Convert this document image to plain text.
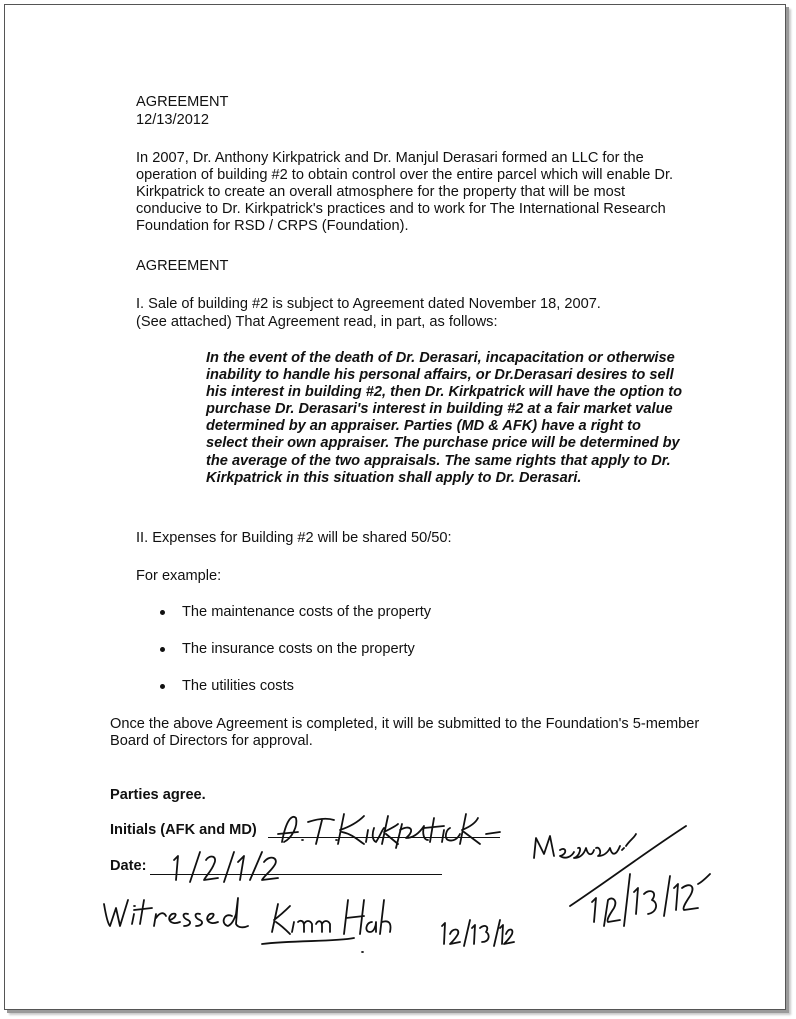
AGREEMENT

12/13/2012

In 2007, Dr. Anthony Kirkpatrick and Dr. Manjul Derasari formed an LLC for the operation of building #2 to obtain control over the entire parcel which will enable Dr. Kirkpatrick to create an overall atmosphere for the property that will be most conducive to Dr. Kirkpatrick's practices and to work for The International Research Foundation for RSD / CRPS (Foundation).

AGREEMENT

I. Sale of building #2 is subject to Agreement dated November 18, 2007.

(See attached) That Agreement read, in part, as follows:

In the event of the death of Dr. Derasari, incapacitation or otherwise inability to handle his personal affairs, or Dr.Derasari desires to sell his interest in building #2, then Dr. Kirkpatrick will have the option to purchase Dr. Derasari's interest in building #2 at a fair market value determined by an appraiser. Parties (MD & AFK) have a right to select their own appraiser. The purchase price will be determined by the average of the two appraisals. The same rights that apply to Dr. Kirkpatrick in this situation shall apply to Dr. Derasari.

II. Expenses for Building #2 will be shared 50/50:

For example:

The maintenance costs of the property

The insurance costs on the property

The utilities costs

Once the above Agreement is completed, it will be submitted to the Foundation's 5-member Board of Directors for approval.

Parties agree.

Initials (AFK and MD)

Date:
